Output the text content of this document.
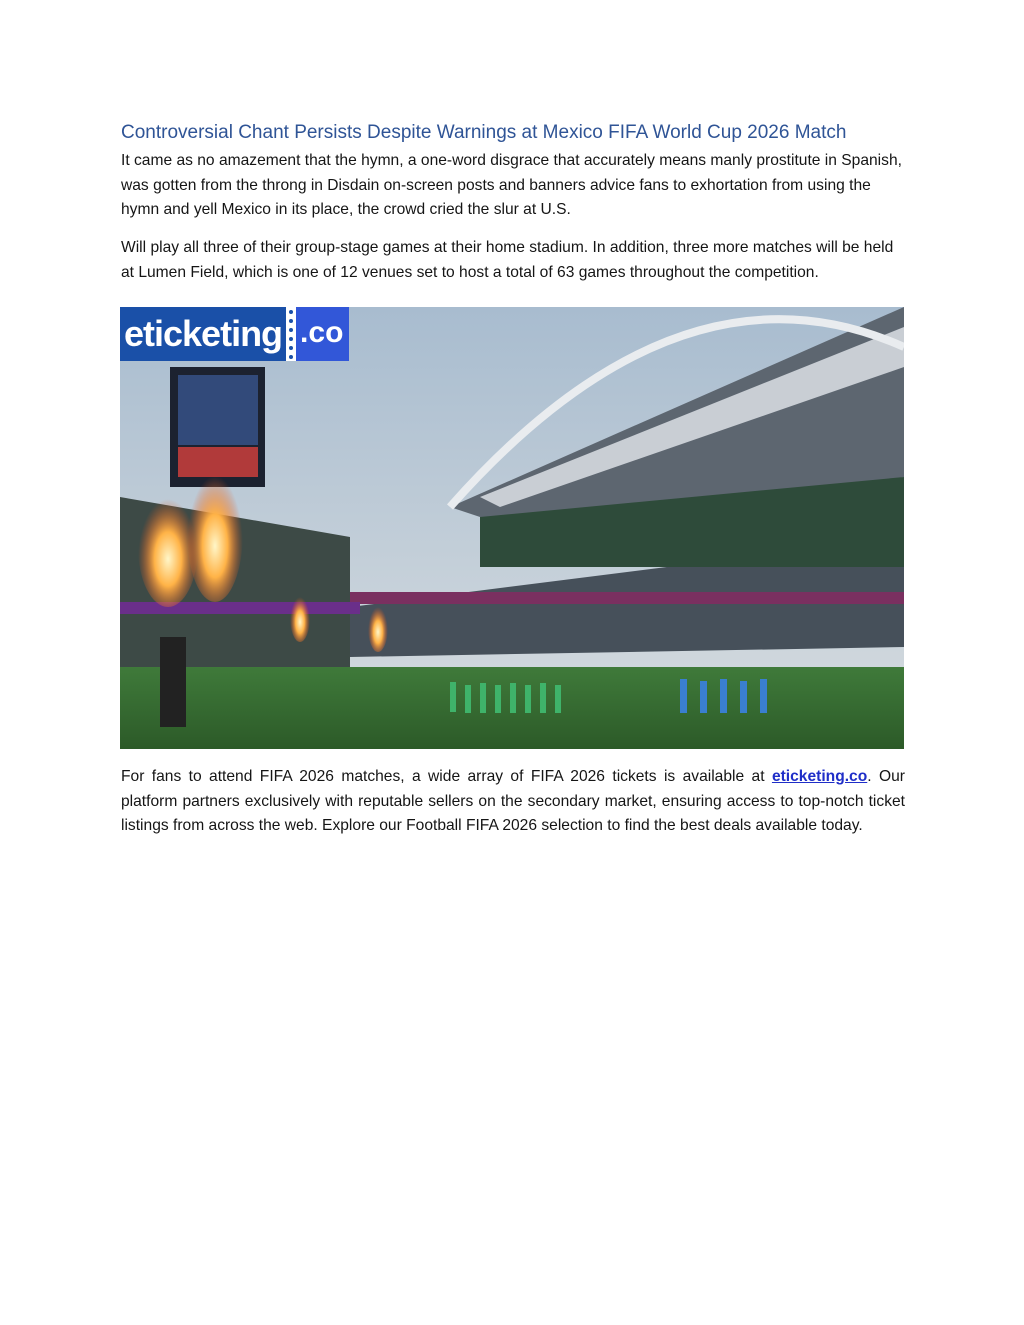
Controversial Chant Persists Despite Warnings at Mexico FIFA World Cup 2026 Match

It came as no amazement that the hymn, a one-word disgrace that accurately means manly prostitute in Spanish, was gotten from the throng in Disdain on-screen posts and banners advice fans to exhortation from using the hymn and yell Mexico in its place, the crowd cried the slur at U.S.

Will play all three of their group-stage games at their home stadium. In addition, three more matches will be held at Lumen Field, which is one of 12 venues set to host a total of 63 games throughout the competition.

eticketing .co

For fans to attend FIFA 2026 matches, a wide array of FIFA 2026 tickets is available at eticketing.co. Our platform partners exclusively with reputable sellers on the secondary market, ensuring access to top-notch ticket listings from across the web. Explore our Football FIFA 2026 selection to find the best deals available today.
